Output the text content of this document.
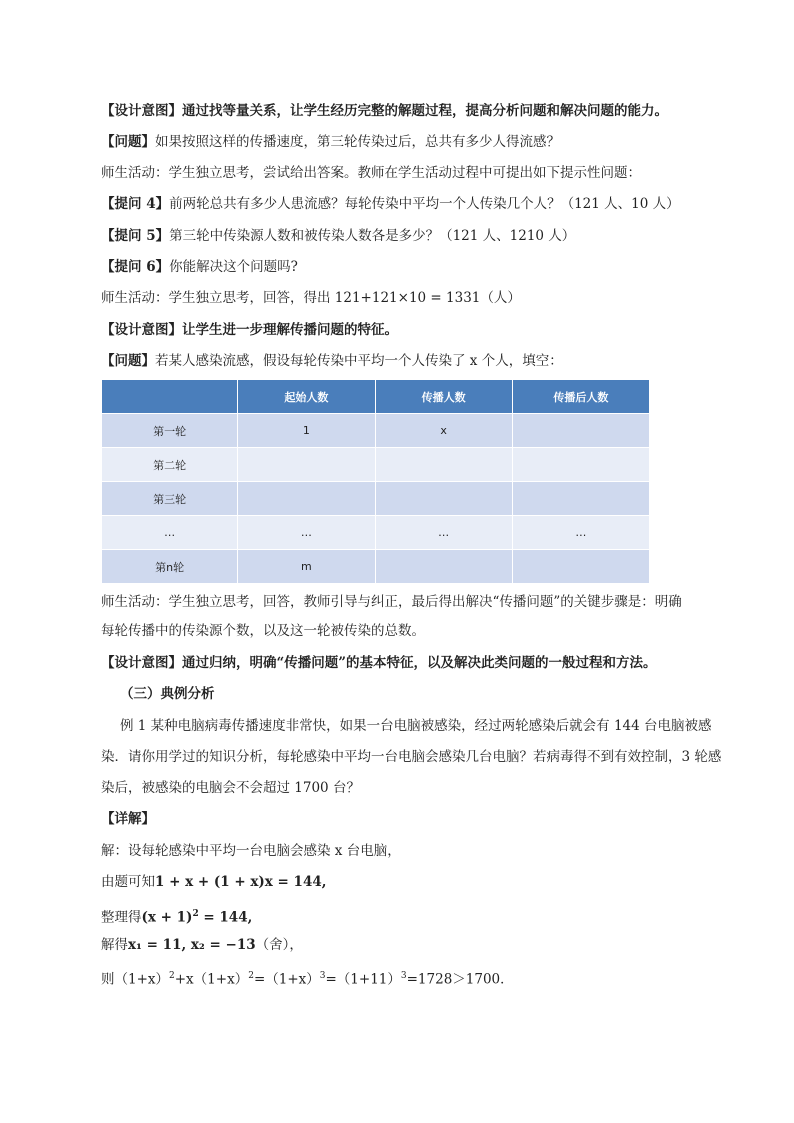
【设计意图】通过找等量关系，让学生经历完整的解题过程，提高分析问题和解决问题的能力。
【问题】如果按照这样的传播速度，第三轮传染过后，总共有多少人得流感？
师生活动：学生独立思考，尝试给出答案。教师在学生活动过程中可提出如下提示性问题：
【提问 4】前两轮总共有多少人患流感？每轮传染中平均一个人传染几个人？（121 人、10 人）
【提问 5】第三轮中传染源人数和被传染人数各是多少？（121 人、1210 人）
【提问 6】你能解决这个问题吗?
师生活动：学生独立思考，回答，得出 121+121×10 = 1331（人）
【设计意图】让学生进一步理解传播问题的特征。
【问题】若某人感染流感，假设每轮传染中平均一个人传染了 x 个人，填空：
	起始人数	传播人数	传播后人数
第一轮	1	x	
第二轮			
第三轮			
…	…	…	…
第n轮	m		
师生活动：学生独立思考，回答，教师引导与纠正，最后得出解决“传播问题”的关键步骤是：明确
每轮传播中的传染源个数，以及这一轮被传染的总数。
【设计意图】通过归纳，明确“传播问题”的基本特征，以及解决此类问题的一般过程和方法。
（三）典例分析
例 1 某种电脑病毒传播速度非常快，如果一台电脑被感染，经过两轮感染后就会有 144 台电脑被感
染．请你用学过的知识分析，每轮感染中平均一台电脑会感染几台电脑？若病毒得不到有效控制，3 轮感
染后，被感染的电脑会不会超过 1700 台？
【详解】
解：设每轮感染中平均一台电脑会感染 x 台电脑，
由题可知1 + x + (1 + x)x = 144,
整理得$(x + 1)^2 = 144$,
解得x₁ = 11, x₂ = −13（舍），
则$(1+x)^2+x(1+x)^2=(1+x)^3=(1+11)^3=1728>1700$．
